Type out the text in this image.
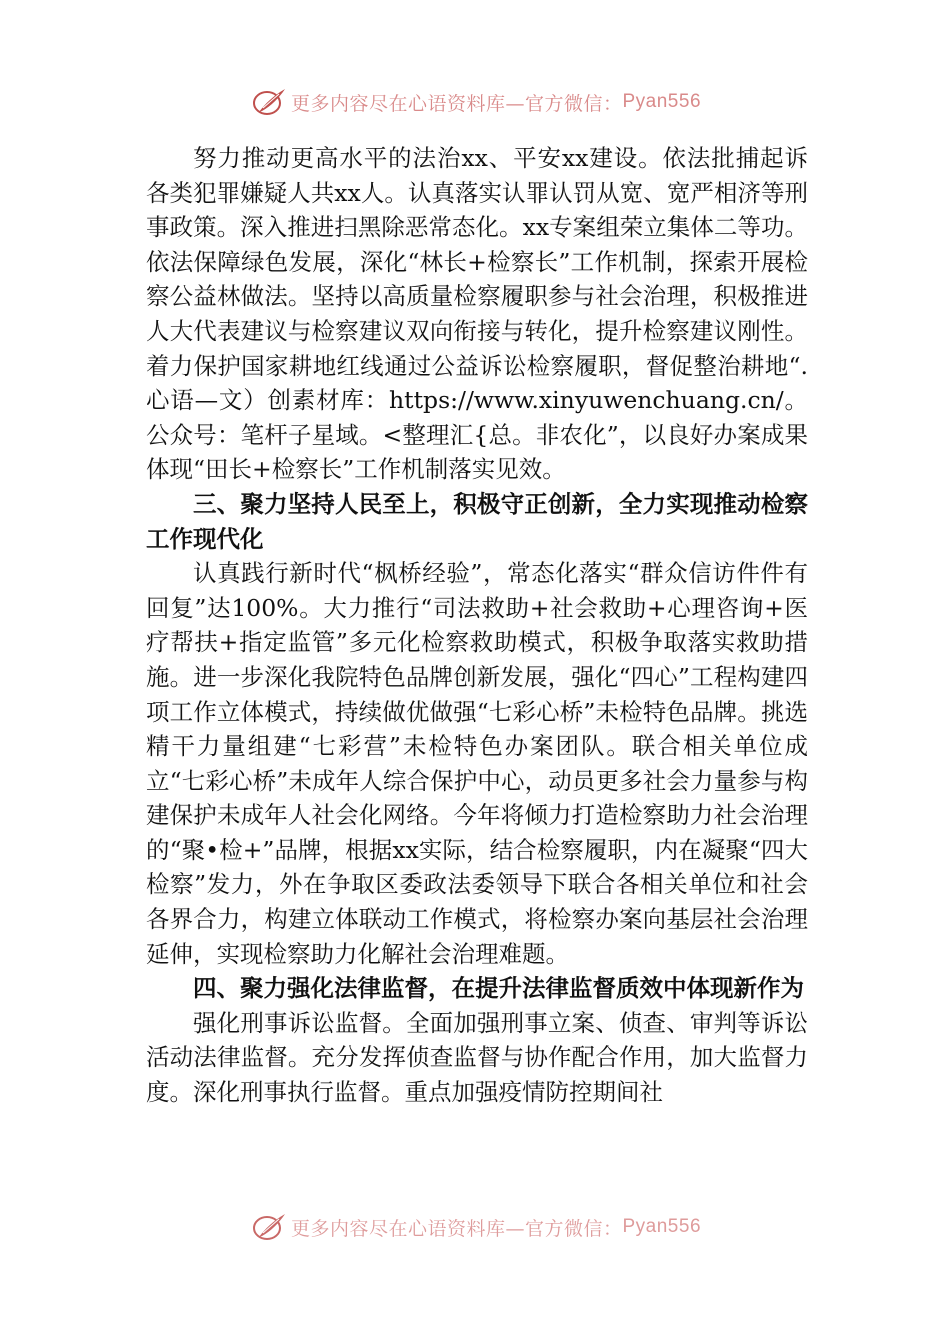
更多内容尽在心语资料库—官方微信： Pyan556

努力推动更高水平的法治xx、平安xx建设。依法批捕起诉各类犯罪嫌疑人共xx人。认真落实认罪认罚从宽、宽严相济等刑事政策。深入推进扫黑除恶常态化。xx专案组荣立集体二等功。依法保障绿色发展，深化“林长+检察长”工作机制，探索开展检察公益林做法。坚持以高质量检察履职参与社会治理，积极推进人大代表建议与检察建议双向衔接与转化，提升检察建议刚性。着力保护国家耕地红线通过公益诉讼检察履职，督促整治耕地“.心语—文）创素材库：https://www.xinyuwenchuang.cn/。公众号：笔杆子星域。<整理汇{总。非农化”，以良好办案成果体现“田长+检察长”工作机制落实见效。

三、聚力坚持人民至上，积极守正创新，全力实现推动检察工作现代化

认真践行新时代“枫桥经验”，常态化落实“群众信访件件有回复”达100%。大力推行“司法救助+社会救助+心理咨询+医疗帮扶+指定监管”多元化检察救助模式，积极争取落实救助措施。进一步深化我院特色品牌创新发展，强化“四心”工程构建四项工作立体模式，持续做优做强“七彩心桥”未检特色品牌。挑选精干力量组建“七彩营”未检特色办案团队。联合相关单位成立“七彩心桥”未成年人综合保护中心，动员更多社会力量参与构建保护未成年人社会化网络。今年将倾力打造检察助力社会治理的“聚•检+”品牌，根据xx实际，结合检察履职，内在凝聚“四大检察”发力，外在争取区委政法委领导下联合各相关单位和社会各界合力，构建立体联动工作模式，将检察办案向基层社会治理延伸，实现检察助力化解社会治理难题。

四、聚力强化法律监督，在提升法律监督质效中体现新作为

强化刑事诉讼监督。全面加强刑事立案、侦查、审判等诉讼活动法律监督。充分发挥侦查监督与协作配合作用，加大监督力度。深化刑事执行监督。重点加强疫情防控期间社

更多内容尽在心语资料库—官方微信： Pyan556
